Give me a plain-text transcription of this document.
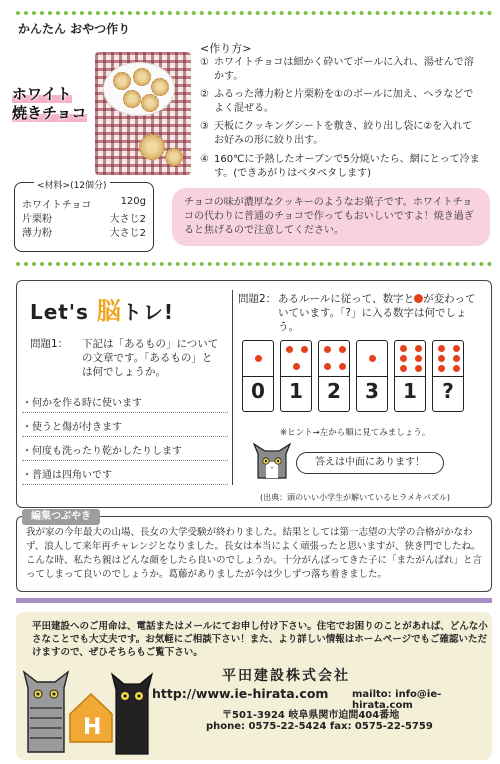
かんたん おやつ作り
ホワイト
焼きチョコ
<作り方>
① ホワイトチョコは細かく砕いてボールに入れ、湯せんで溶かす。
② ふるった薄力粉と片栗粉を①のボールに加え、ヘラなどでよく混ぜる。
③ 天板にクッキングシートを敷き、絞り出し袋に②を入れてお好みの形に絞り出す。
④ 160℃に予熱したオーブンで5分焼いたら、網にとって冷ます。(できあがりはベタベタします)
<材料>(12個分)
ホワイトチョコ	120g
片栗粉	大さじ2
薄力粉	大さじ2
チョコの味が濃厚なクッキーのようなお菓子です。ホワイトチョコの代わりに普通のチョコで作ってもおいしいですよ！焼き過ぎると焦げるので注意してください。
Let's 脳トレ!
問題1： 下記は「あるもの」についての文章です。「あるもの」とは何でしょうか。
・何かを作る時に使います
・使うと傷が付きます
・何度も洗ったり乾かしたりします
・普通は四角いです
問題2： あるルールに従って、数字と が変わっていています。「?」に入る数字は何でしょう。
0	1	2	3	1	?
※ヒント→左から順に見てみましょう。
答えは中面にあります！
(出典：頭のいい小学生が解いているヒラメキパズル)
編集つぶやき
我が家の今年最大の山場、長女の大学受験が終わりました。結果としては第一志望の大学の合格がかなわず、浪人して来年再チャレンジとなりました。長女は本当によく頑張ったと思いますが、狭き門でしたね。こんな時、私たち親はどんな顔をしたら良いのでしょうか。十分がんばってきた子に「またがんばれ」と言ってしまって良いのでしょうか。葛藤がありましたが今は少しずつ落ち着きました。
平田建設へのご用命は、電話またはメールにてお申し付け下さい。住宅でお困りのことがあれば、どんな小さなことでも大丈夫です。お気軽にご相談下さい！また、より詳しい情報はホームページでもご確認いただけますので、ぜひそちらもご覧下さい。
H
平田建設株式会社
http://www.ie-hirata.com mailto: info@ie-hirata.com
〒501-3924 岐阜県関市迫間404番地
phone: 0575-22-5424 fax: 0575-22-5759
